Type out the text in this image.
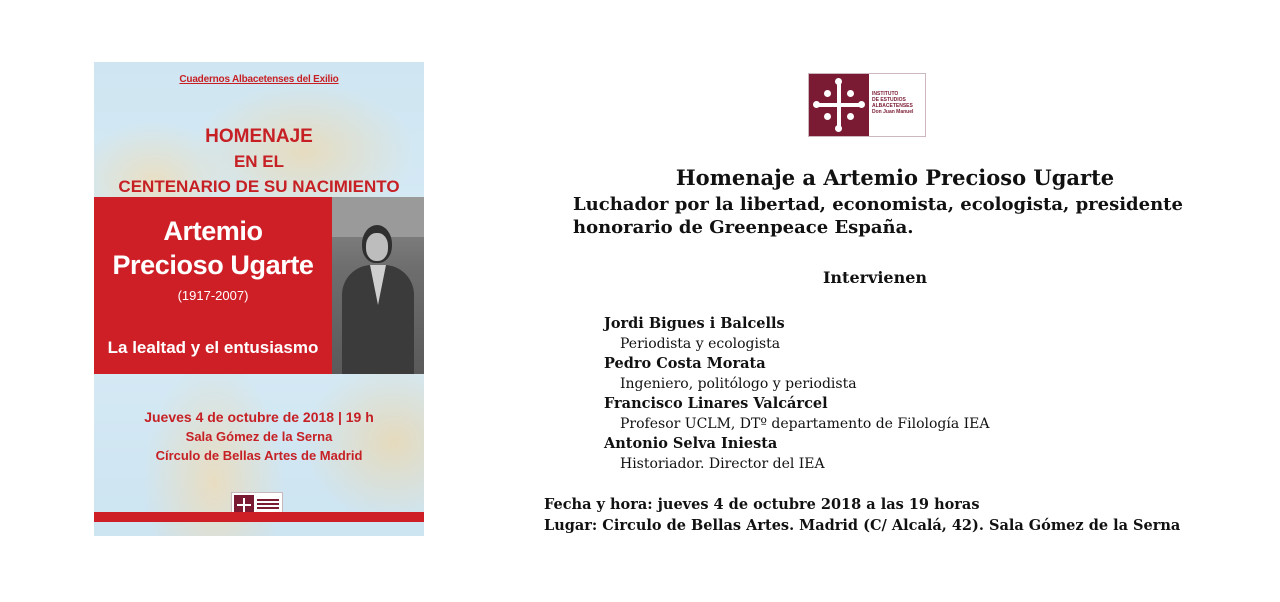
Cuadernos Albacetenses del Exilio
HOMENAJE
EN EL
CENTENARIO DE SU NACIMIENTO
Artemio
Precioso Ugarte
(1917-2007)
La lealtad y el entusiasmo
Jueves 4 de octubre de 2018 | 19 h
Sala Gómez de la Serna
Círculo de Bellas Artes de Madrid
INSTITUTO
DE ESTUDIOS
ALBACETENSES
Don Juan Manuel
Homenaje a Artemio Precioso Ugarte

Luchador por la libertad, economista, ecologista, presidente honorario de Greenpeace España.

Intervienen

Jordi Bigues i Balcells
Periodista y ecologista
Pedro Costa Morata
Ingeniero, politólogo y periodista
Francisco Linares Valcárcel
Profesor UCLM, DTº departamento de Filología IEA
Antonio Selva Iniesta
Historiador. Director del IEA
Fecha y hora: jueves 4 de octubre 2018 a las 19 horas
Lugar: Circulo de Bellas Artes. Madrid (C/ Alcalá, 42). Sala Gómez de la Serna
